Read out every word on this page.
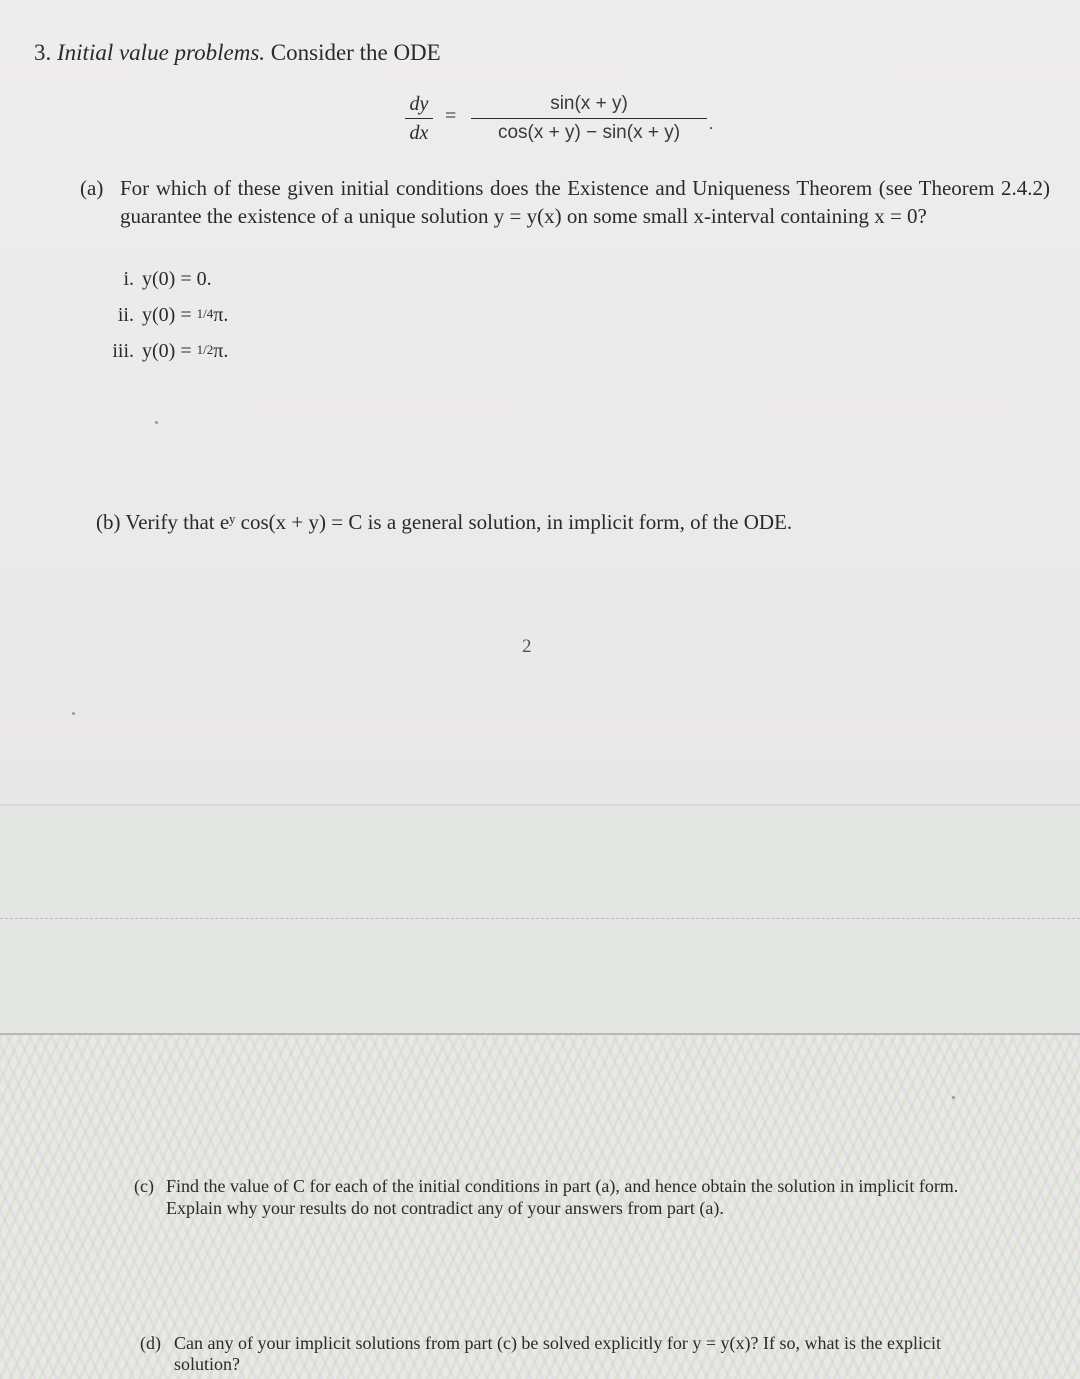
3. Initial value problems. Consider the ODE
dy
dx
=
sin(x + y)
cos(x + y) − sin(x + y)	.
(a) For which of these given initial conditions does the Existence and Uniqueness Theorem (see Theorem 2.4.2) guarantee the existence of a unique solution y = y(x) on some small x-interval containing x = 0?
i. y(0) = 0.
ii. y(0) = 1/4π.
iii. y(0) = 1/2π.
(b) Verify that eʸ cos(x + y) = C is a general solution, in implicit form, of the ODE.
2
(c) Find the value of C for each of the initial conditions in part (a), and hence obtain the solution in implicit form. Explain why your results do not contradict any of your answers from part (a).
(d) Can any of your implicit solutions from part (c) be solved explicitly for y = y(x)? If so, what is the explicit solution?
